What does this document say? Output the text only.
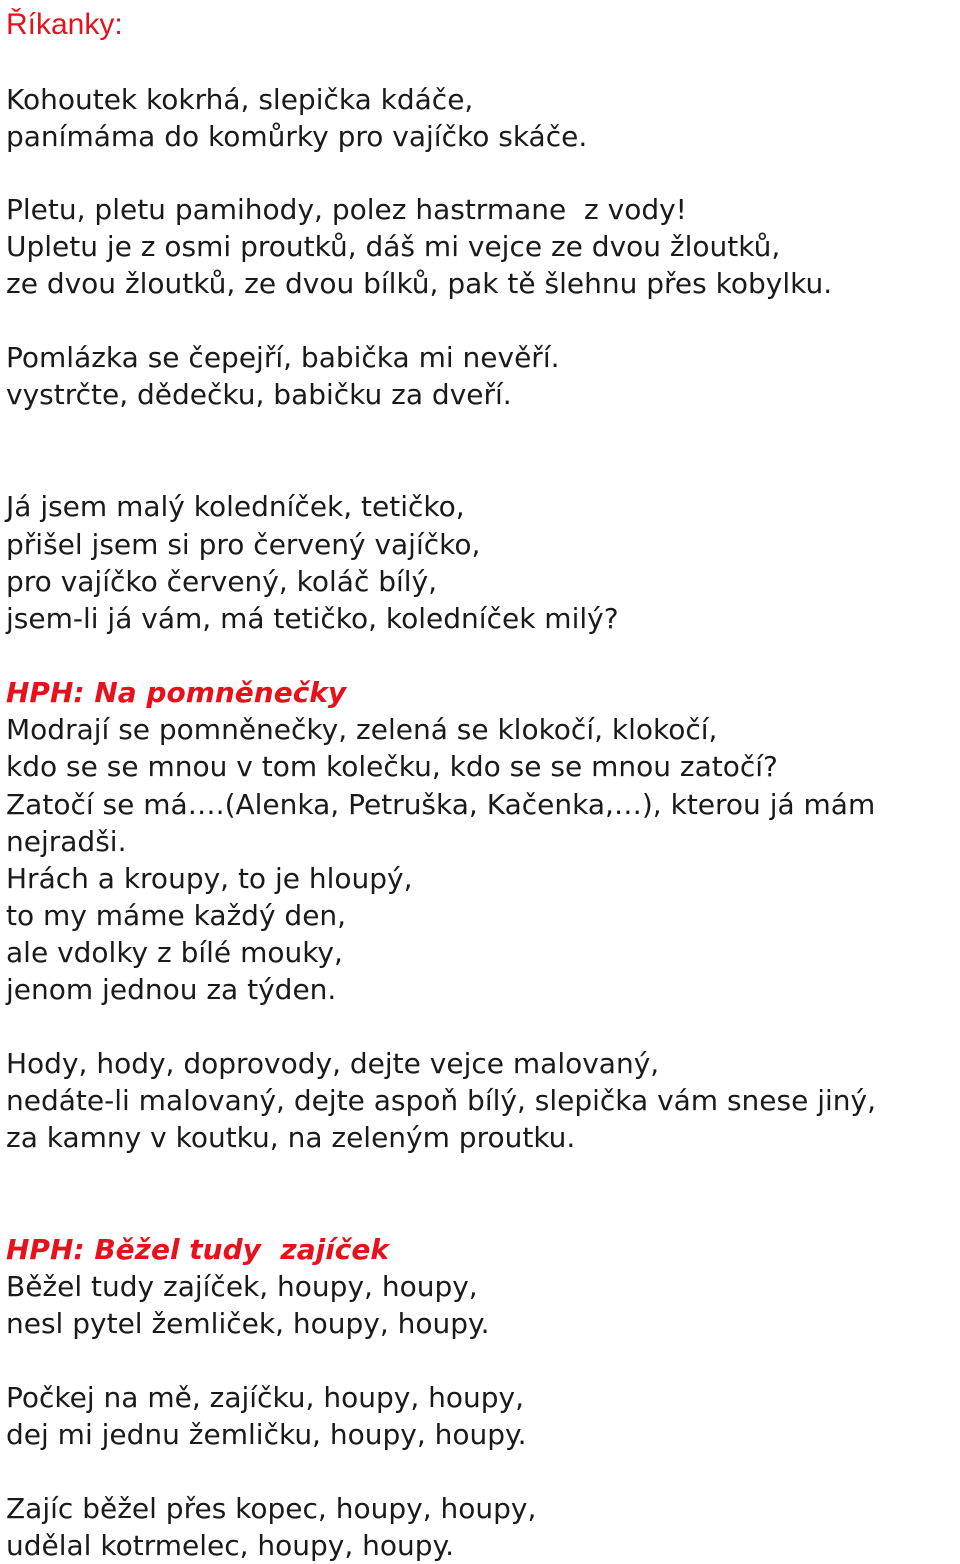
Říkanky:
Kohoutek kokrhá, slepička kdáče,
panímáma do komůrky pro vajíčko skáče.
Pletu, pletu pamihody, polez hastrmane  z vody!
Upletu je z osmi proutků, dáš mi vejce ze dvou žloutků,
ze dvou žloutků, ze dvou bílků, pak tě šlehnu přes kobylku.
Pomlázka se čepejří, babička mi nevěří.
vystrčte, dědečku, babičku za dveří.
Já jsem malý koledníček, tetičko,
přišel jsem si pro červený vajíčko,
pro vajíčko červený, koláč bílý,
jsem-li já vám, má tetičko, koledníček milý?
HPH: Na pomněnečky
Modrají se pomněnečky, zelená se klokočí, klokočí,
kdo se se mnou v tom kolečku, kdo se se mnou zatočí?
Zatočí se má….(Alenka, Petruška, Kačenka,…), kterou já mám
nejradši.
Hrách a kroupy, to je hloupý,
to my máme každý den,
ale vdolky z bílé mouky,
jenom jednou za týden.
Hody, hody, doprovody, dejte vejce malovaný,
nedáte-li malovaný, dejte aspoň bílý, slepička vám snese jiný,
za kamny v koutku, na zeleným proutku.
HPH: Běžel tudy  zajíček
Běžel tudy zajíček, houpy, houpy,
nesl pytel žemliček, houpy, houpy.
Počkej na mě, zajíčku, houpy, houpy,
dej mi jednu žemličku, houpy, houpy.
Zajíc běžel přes kopec, houpy, houpy,
udělal kotrmelec, houpy, houpy.
